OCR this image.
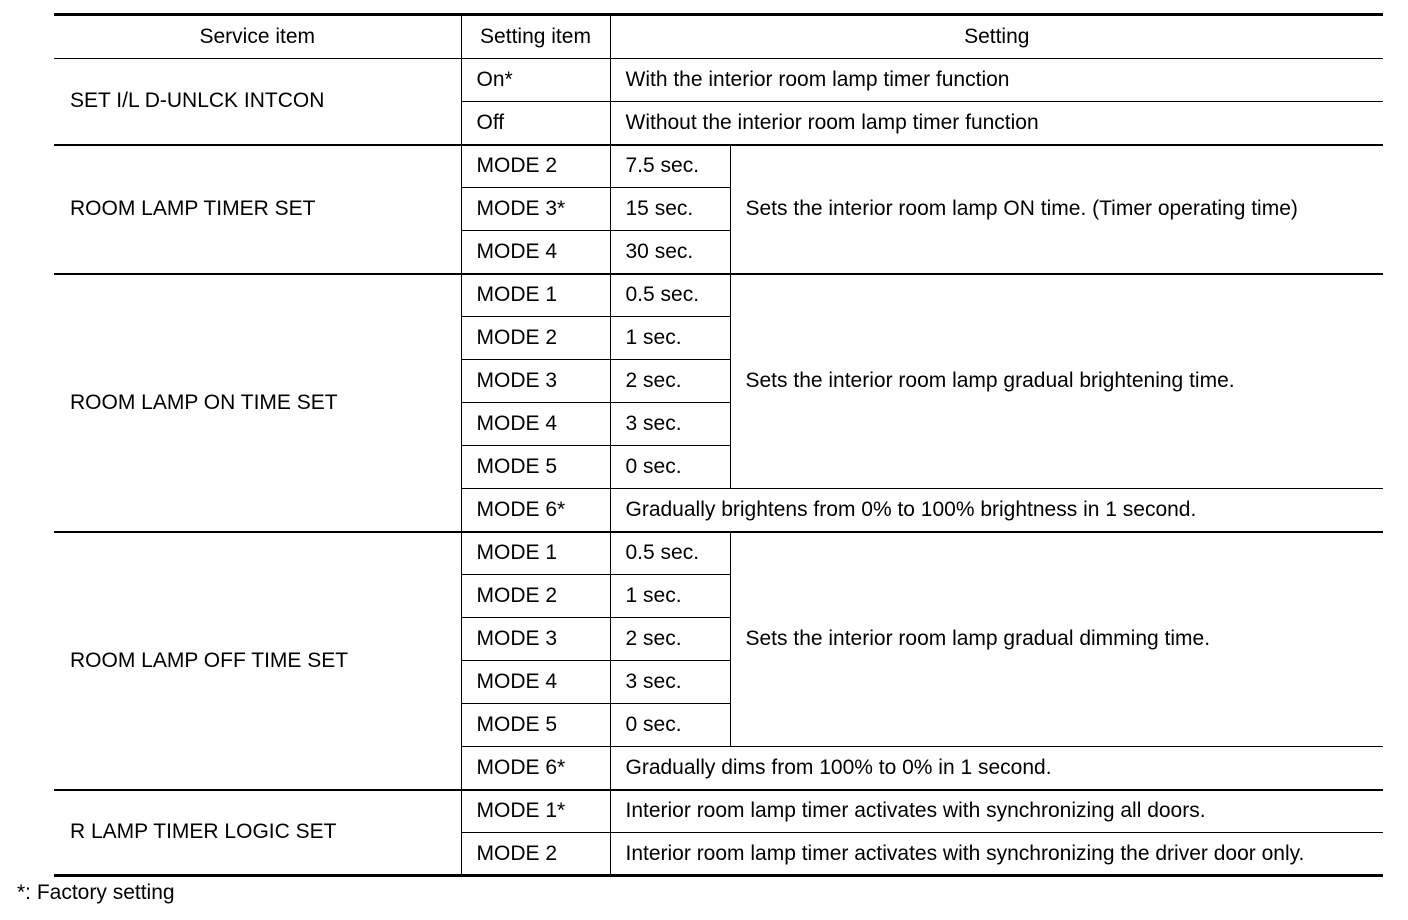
Service item	Setting item	Setting	
SET I/L D-UNLCK INTCON	On*	With the interior room lamp timer function	
	Off	Without the interior room lamp timer function	
ROOM LAMP TIMER SET	MODE 2	7.5 sec.	Sets the interior room lamp ON time. (Timer operating time)
	MODE 3*	15 sec.	
	MODE 4	30 sec.	
ROOM LAMP ON TIME SET	MODE 1	0.5 sec.	Sets the interior room lamp gradual brightening time.
	MODE 2	1 sec.	
	MODE 3	2 sec.	
	MODE 4	3 sec.	
	MODE 5	0 sec.	
	MODE 6*	Gradually brightens from 0% to 100% brightness in 1 second.	
ROOM LAMP OFF TIME SET	MODE 1	0.5 sec.	Sets the interior room lamp gradual dimming time.
	MODE 2	1 sec.	
	MODE 3	2 sec.	
	MODE 4	3 sec.	
	MODE 5	0 sec.	
	MODE 6*	Gradually dims from 100% to 0% in 1 second.	
R LAMP TIMER LOGIC SET	MODE 1*	Interior room lamp timer activates with synchronizing all doors.	
	MODE 2	Interior room lamp timer activates with synchronizing the driver door only.	
*: Factory setting
